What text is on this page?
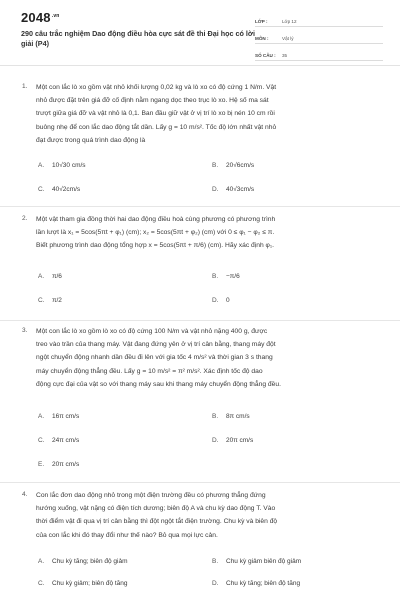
$2048^{.vn}$
290 câu trắc nghiệm Dao động điều hòa cực sát đề thi Đại học có lời giải (P4)
LỚP :	Lớp 12
MÔN :	Vật lý
SỐ CÂU :	35
1. Một con lắc lò xo gồm vật nhỏ khối lượng 0,02 kg và lò xo có độ cứng 1 N/m. Vật
nhỏ được đặt trên giá đỡ cố định nằm ngang dọc theo trục lò xo. Hệ số ma sát
trượt giữa giá đỡ và vật nhỏ là 0,1. Ban đầu giữ vật ở vị trí lò xo bị nén 10 cm rồi
buông nhẹ để con lắc dao động tắt dần. Lấy g = 10 m/s². Tốc độ lớn nhất vật nhỏ
đạt được trong quá trình dao động là
A. 10√30 cm/s	B. 20√6cm/s
C. 40√2cm/s	D. 40√3cm/s
2. Một vật tham gia đồng thời hai dao động điều hoà cùng phương có phương trình
lần lượt là x₁ = 5cos(5πt + φ₁) (cm); x₂ = 5cos(5πt + φ₂) (cm) với 0 ≤ φ₁ − φ₂ ≤ π.
Biết phương trình dao động tổng hợp x = 5cos(5πt + π/6) (cm). Hãy xác định φ₁.
A. π/6	B. −π/6
C. π/2	D. 0
3. Một con lắc lò xo gồm lò xo có độ cứng 100 N/m và vật nhỏ nặng 400 g, được
treo vào trần của thang máy. Vật đang đứng yên ở vị trí cân bằng, thang máy đột
ngột chuyển động nhanh dần đều đi lên với gia tốc 4 m/s² và thời gian 3 s thang
máy chuyển động thẳng đều. Lấy g = 10 m/s² = π² m/s². Xác định tốc độ dao
động cực đại của vật so với thang máy sau khi thang máy chuyển động thẳng đều.
A. 16π cm/s	B. 8π cm/s
C. 24π cm/s	D. 20π cm/s
E. 20π cm/s
4. Con lắc đơn dao động nhỏ trong một điện trường đều có phương thẳng đứng
hướng xuống, vật nặng có điện tích dương; biên độ A và chu kỳ dao động T. Vào
thời điểm vật đi qua vị trí cân bằng thì đột ngột tắt điện trường. Chu kỳ và biên độ
của con lắc khi đó thay đổi như thế nào? Bỏ qua mọi lực cản.
A. Chu kỳ tăng; biên độ giảm	B. Chu kỳ giảm biên độ giảm
C. Chu kỳ giảm; biên độ tăng	D. Chu kỳ tăng; biên độ tăng
